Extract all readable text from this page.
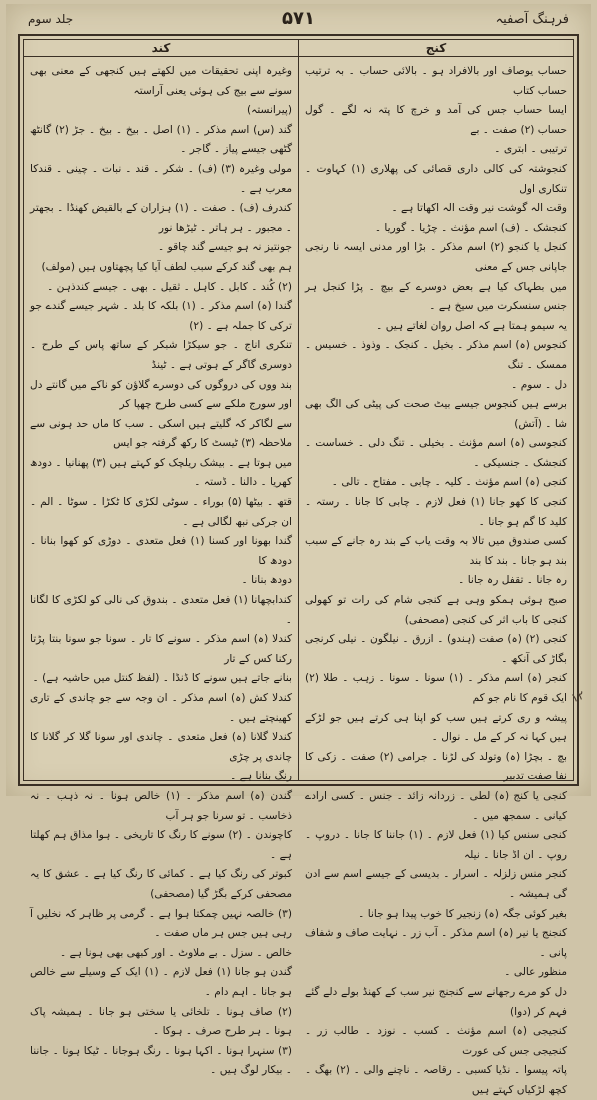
فرہنگ آصفیہ
۵۷۱
جلد سوم
کنج
کند

حساب یوصاف اور بالافراد ہو ۔ بالائی حساب ۔ بہ ترتیب حساب کتاب

ایسا حساب جس کی آمد و خرچ کا پتہ نہ لگے ۔ گول حساب (۲) صفت ۔ بے

ترتیبی ۔ ابتری ۔

کنجوشتہ کی کالی داری قصائی کی پھلاری (۱) کہاوت ۔ تنکاری اول

وقت الہ گوشت نیر وقت الہ اکھاتا ہے ۔

کنجشک ۔ (ف) اسم مؤنث ۔ چڑیا ۔ گوریا ۔

کنجل یا کنجو (۲) اسم مذکر ۔ بڑا اور مدنی ایسہ نا رنجی جاپانی جس کے معنی

میں بطہاک کیا ہے بعض دوسرے کے بیچ ۔ پڑا کنجل ہر جنس سنسکرت میں سیخ ہے ۔

یہ سیمو ہمتا ہے کہ اصل روان لغاتے ہیں ۔

کنجوس (ہ) اسم مذکر ۔ بخیل ۔ کنجک ۔ وذوذ ۔ خسیس ۔ ممسک ۔ تنگ

دل ۔ سوم ۔

برسے ہیں کنجوس جیسے بیٹ صحت کی پیٹی کی الگ بھی شا ۔ (آتش)

کنجوسی (ہ) اسم مؤنث ۔ بخیلی ۔ تنگ دلی ۔ خساست ۔ کنجشک ۔ جنسیکی ۔

کنجی (ہ) اسم مؤنث ۔ کلیہ ۔ چابی ۔ مفتاح ۔ تالی ۔

کنجی کا کھو جانا (۱) فعل لازم ۔ چابی کا جانا ۔ رستہ ۔ کلید کا گم ہو جانا ۔

کسی صندوق میں تالا بہ وقت یاب کے بند رہ جانے کے سبب بند ہو جانا ۔ بند کا بند

رہ جانا ۔ تقفل رہ جانا ۔

صبح ہوئی ہمکو وہی ہے کنجی شام کی رات تو کھولی کنجی کا باب اثر کی کنجی (مصحفی)

کنجی (۲) (ہ) صفت (ہندو) ۔ ازرق ۔ نیلگون ۔ نیلی کرنجی بگاڑ کی آنکھ ۔

کنجر (ہ) اسم مذکر ۔ (۱) سونا ۔ سونا ۔ زہب ۔ طلا (۲) ایک قوم کا نام جو کم

پیشہ و ری کرتے ہیں سب کو اپنا ہی کرتے ہیں جو لڑکے ہیں کہا نہ کر کے مل ۔ نوال ۔

بچ ۔ بچڑا (ہ) وتولد کی لڑنا ۔ جرامی (۲) صفت ۔ زکی کا نفا صفت تدبیر

کنجی یا کنج (ہ) لطی ۔ زردانہ زائد ۔ جنس ۔ کسی ارادے کیانی ۔ سمجھ میں ۔

کنجی سنس کیا (۱) فعل لازم ۔ (۱) جاننا کا جانا ۔ دروپ ۔ روپ ۔ ان اڈ جانا ۔ نیلہ

کنجر منس زلزلہ ۔ اسرار ۔ بدیسی کے جیسے اسم سے ادن گی ہمیشہ ۔

بغیر کوئی جگہ (ہ) زنجیر کا خوب پیدا ہو جانا ۔

کنجنج یا نیر (ہ) اسم مذکر ۔ آب زر ۔ نہایت صاف و شفاف پانی ۔

منظور عالی ۔

دل کو مرے رجھانے سے کنجنج نیر سب کے کھنڈ بولے دلے گئے فہم کر (دوا)

کنجیجی (ہ) اسم مؤنث ۔ کسب ۔ نوزد ۔ طالب زر ۔ کنجیجی جس کی عورت

پاتہ پیسوا ۔ نڈیا کسبی ۔ رقاصہ ۔ ناچنے والی ۔ (۲) بھگ ۔ کچھ لڑکیاں کہتے ہیں

وغیرہ اپنی تحقیقات میں لکھتے ہیں کنجھی کے معنی بھی سونے سے بیج کی ہوئی یعنی آراستہ

(پیرانستہ)

گند (س) اسم مذکر ۔ (۱) اصل ۔ بیخ ۔ بیخ ۔ جڑ (۲) گانٹھ گٹھی جیسے پیاز ۔ گاجر ۔

مولی وغیرہ (۳) (ف) ۔ شکر ۔ قند ۔ نبات ۔ چینی ۔ قندکا معرب ہے ۔

کندرف (ف) ۔ صفت ۔ (۱) ہزاران کے بالقیض کھنڈا ۔ بجھتر ۔ مجبور ۔ ہر ہاتر ۔ ٹیڑھا نور

جونتیز نہ ہو جیسے گند چاقو ۔

ہم بھی گند کرکے سبب لطف آیا کیا پچھتاوں ہیں (مولف)

(۲) کُند ۔ کابل ۔ کاہل ۔ ثقیل ۔ بھی ۔ جیسے کندذہن ۔

گندا (ہ) اسم مذکر ۔ (۱) بلکہ کا بلد ۔ شہر جیسے گندے جو ترکی کا جملہ ہے ۔ (۲)

تنکری اناج ۔ جو سیکڑا شبکر کے ساتھ پاس کے طرح ۔ دوسری گاگر کے ہوتی ہے ۔ ٹینڈ

بند ووں کی دروگوں کی دوسرے گلاؤن کو ناکے میں گانتے دل اور سورج ملکے سے کسی طرح چھپا کر

سے لگاکر کہ گلیتے ہیں اسکی ۔ سب کا ماں حد ہونی سے ملاحظہ (۳) ٹیسٹ کا رکھ گرفتہ جو ایس

میں ہوتا ہے ۔ بیشک ریلچک کو کہتے ہیں (۳) پھنانیا ۔ دودھ کھریا ۔ دالنا ۔ ڈستہ ۔

قتھ ۔ بیٹھا (۵) بوراء ۔ سوٹی لکڑی کا ٹکڑا ۔ سوٹا ۔ الم ۔ ان جرکی نبھ لگالی ہے ۔

گندا بھونا اور کسنا (۱) فعل متعدی ۔ دوڑی کو کھوا بنانا ۔ دودھ کا

دودھ بنانا ۔

کندابچھانا (۱) فعل متعدی ۔ بندوق کی نالی کو لکڑی کا لگانا ۔

کندلا (ہ) اسم مذکر ۔ سونے کا تار ۔ سونا جو سونا بنتا پڑتا رکنا کس کے تار

بنانے جاتے ہیں سونے کا ڈنڈا ۔ (لفظ کنتل میں حاشیہ ہے) ۔

کندلا کش (ہ) اسم مذکر ۔ ان وجہ سے جو چاندی کے تاری کھینچتے ہیں ۔

کندلا گلانا (ہ) فعل متعدی ۔ چاندی اور سونا گلا کر گلانا کا چاندی پر چڑی

رنگ بنانا ہے ۔

گندن (ہ) اسم مذکر ۔ (۱) خالص ہونا ۔ نہ ذہب ۔ نہ ذخاسب ۔ تو سرنا جو ہر آب

کاچوندن ۔ (۲) سونے کا رنگ کا تاریخی ۔ ہوا مذاق ہم کھلتا ہے ۔

کبوتر کی رنگ کیا ہے ۔ کمائی کا رنگ کیا ہے ۔ عشق کا یہ مصحفی کرکے بگڑ گیا (مصحفی)

(۳) خالصہ نہیں چمکتا ہوا ہے ۔ گرمی پر ظاہر کہ نخلیں آ رہی ہیں جس ہر ماں صفت ۔

خالص ۔ سزل ۔ بے ملاوٹ ۔ اور کبھی بھی ہونا ہے ۔

گندن ہو جانا (۱) فعل لازم ۔ (۱) ایک کے وسیلے سے خالص ہو جانا ۔ اہم دام ۔

(۲) صاف ہونا ۔ تلخائی یا سختی ہو جانا ۔ ہمیشہ پاک ہونا ۔ ہر طرح صرف ۔ ہوکا ۔

(۳) سنہرا ہونا ۔ اکہا ہونا ۔ رنگ ہوجانا ۔ ٹیکا ہونا ۔ جاننا ۔ بیکار لوگ ہیں ۔

۱۲
